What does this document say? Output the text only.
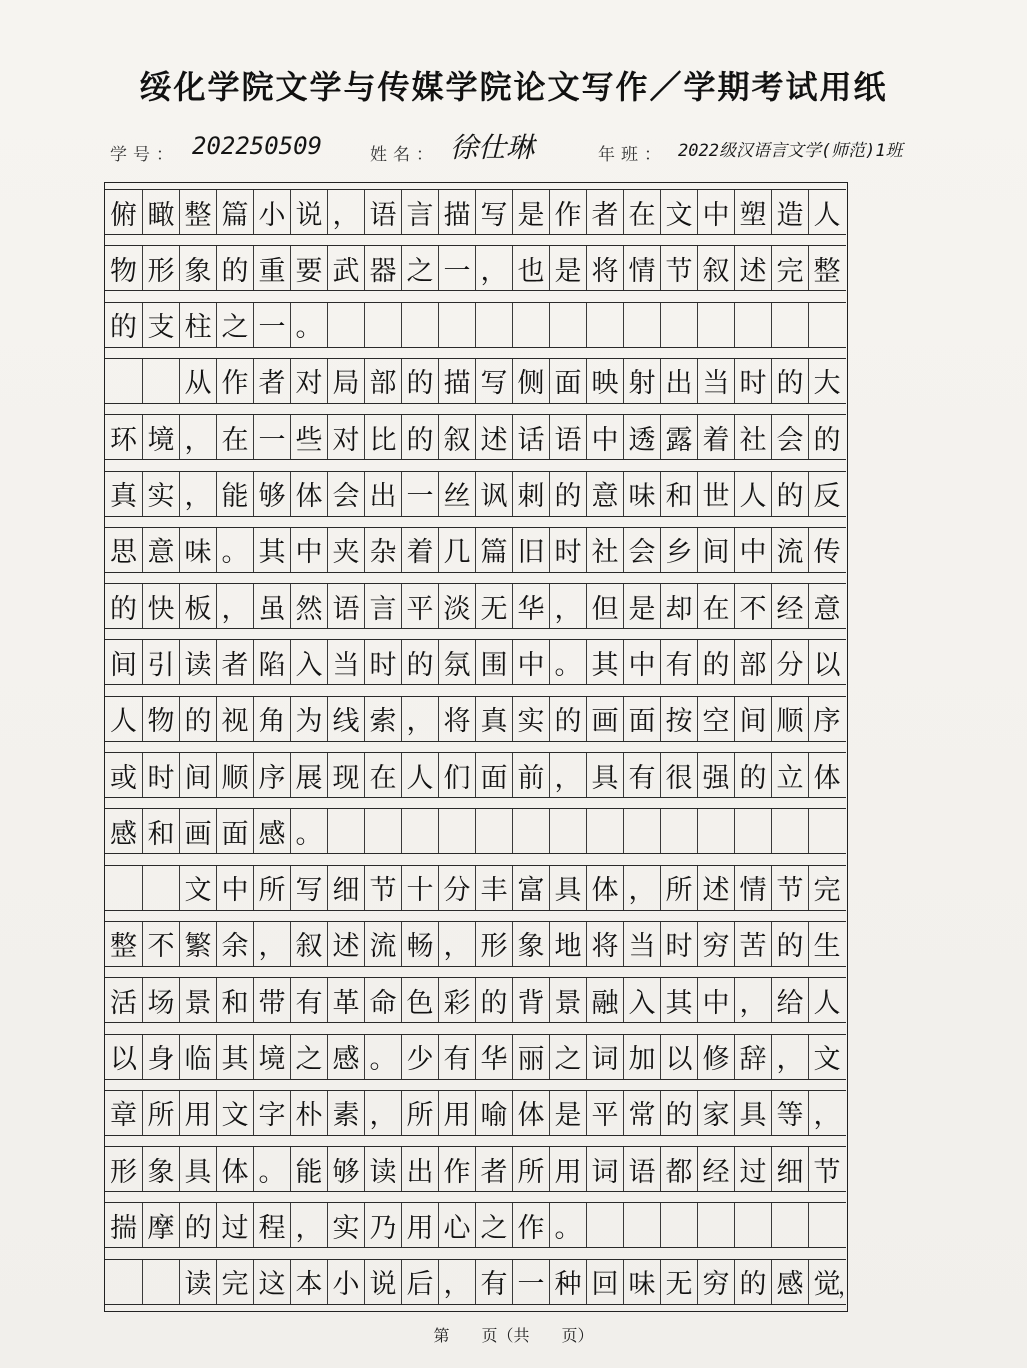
绥化学院文学与传媒学院论文写作／学期考试用纸
学号： 202250509	姓名： 徐仕琳	年班： 2022级汉语言文学(师范)1班
俯 瞰 整 篇 小 说 ， 语 言 描 写 是 作 者 在 文 中 塑 造 人
物 形 象 的 重 要 武 器 之 一 ， 也 是 将 情 节 叙 述 完 整
的 支 柱 之 一 。
从 作 者 对 局 部 的 描 写 侧 面 映 射 出 当 时 的 大
环 境 ， 在 一 些 对 比 的 叙 述 话 语 中 透 露 着 社 会 的
真 实 ， 能 够 体 会 出 一 丝 讽 刺 的 意 味 和 世 人 的 反
思 意 味 。 其 中 夹 杂 着 几 篇 旧 时 社 会 乡 间 中 流 传
的 快 板 ， 虽 然 语 言 平 淡 无 华 ， 但 是 却 在 不 经 意
间 引 读 者 陷 入 当 时 的 氛 围 中 。 其 中 有 的 部 分 以
人 物 的 视 角 为 线 索 ， 将 真 实 的 画 面 按 空 间 顺 序
或 时 间 顺 序 展 现 在 人 们 面 前 ， 具 有 很 强 的 立 体
感 和 画 面 感 。
文 中 所 写 细 节 十 分 丰 富 具 体 ， 所 述 情 节 完
整 不 繁 余 ， 叙 述 流 畅 ， 形 象 地 将 当 时 穷 苦 的 生
活 场 景 和 带 有 革 命 色 彩 的 背 景 融 入 其 中 ， 给 人
以 身 临 其 境 之 感 。 少 有 华 丽 之 词 加 以 修 辞 ， 文
章 所 用 文 字 朴 素 ， 所 用 喻 体 是 平 常 的 家 具 等 ，
形 象 具 体 。 能 够 读 出 作 者 所 用 词 语 都 经 过 细 节
揣 摩 的 过 程 ， 实 乃 用 心 之 作 。
读 完 这 本 小 说 后 ， 有 一 种 回 味 无 穷 的 感 觉
，
第　　页（共　　页）
